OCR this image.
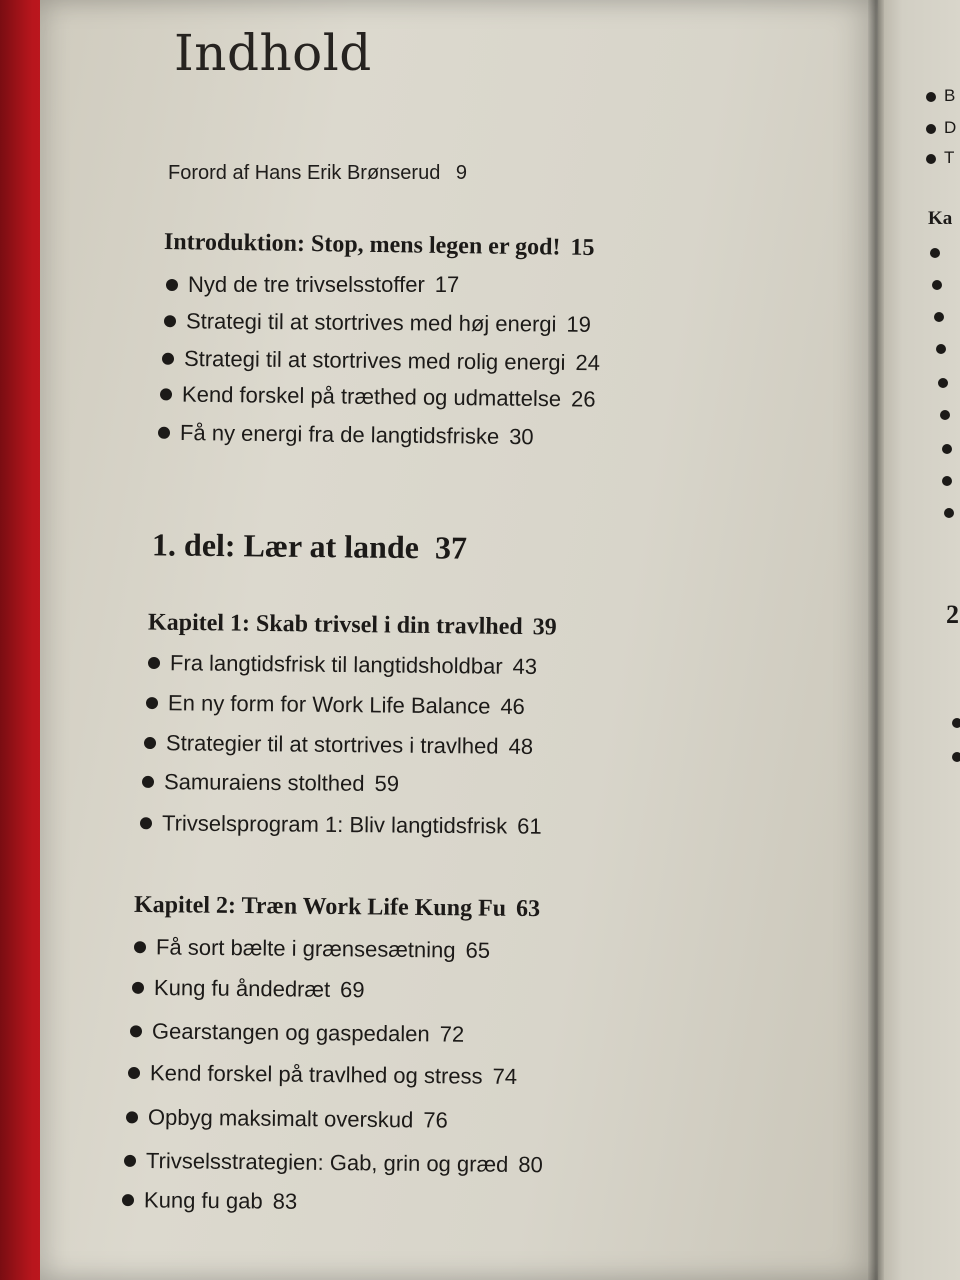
Indhold
Forord af Hans Erik Brønserud 9
Introduktion: Stop, mens legen er god! 15
Nyd de tre trivselsstoffer 17
Strategi til at stortrives med høj energi 19
Strategi til at stortrives med rolig energi 24
Kend forskel på træthed og udmattelse 26
Få ny energi fra de langtidsfriske 30
1. del: Lær at lande 37
Kapitel 1: Skab trivsel i din travlhed 39
Fra langtidsfrisk til langtidsholdbar 43
En ny form for Work Life Balance 46
Strategier til at stortrives i travlhed 48
Samuraiens stolthed 59
Trivselsprogram 1: Bliv langtidsfrisk 61
Kapitel 2: Træn Work Life Kung Fu 63
Få sort bælte i grænsesætning 65
Kung fu åndedræt 69
Gearstangen og gaspedalen 72
Kend forskel på travlhed og stress 74
Opbyg maksimalt overskud 76
Trivselsstrategien: Gab, grin og græd 80
Kung fu gab 83
B
D
T
Ka
2
